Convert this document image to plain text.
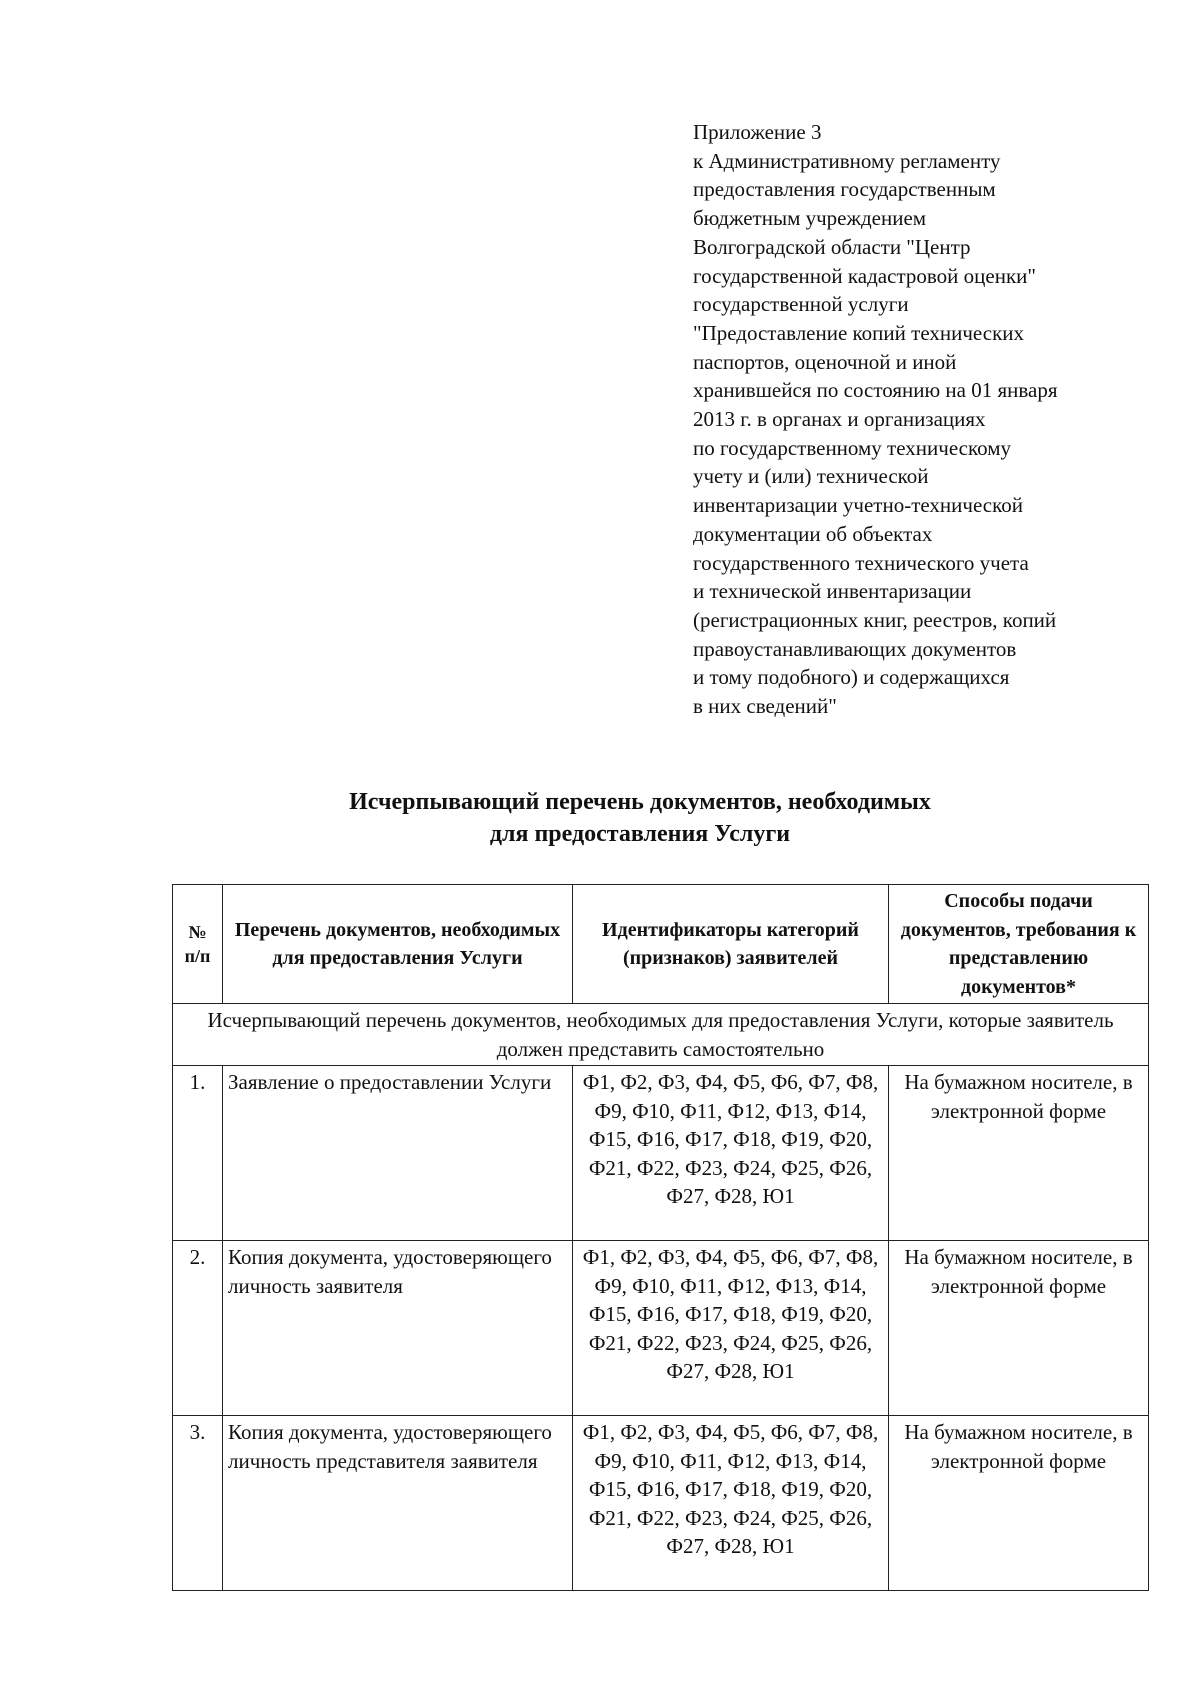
Приложение 3
к Административному регламенту
предоставления государственным
бюджетным учреждением
Волгоградской области "Центр
государственной кадастровой оценки"
государственной услуги
"Предоставление копий технических
паспортов, оценочной и иной
хранившейся по состоянию на 01 января
2013 г. в органах и организациях
по государственному техническому
учету и (или) технической
инвентаризации учетно-технической
документации об объектах
государственного технического учета
и технической инвентаризации
(регистрационных книг, реестров, копий
правоустанавливающих документов
и тому подобного) и содержащихся
в них сведений"
Исчерпывающий перечень документов, необходимых
для предоставления Услуги
№
п/п	Перечень документов, необходимых для предоставления Услуги	Идентификаторы категорий (признаков) заявителей	Способы подачи документов, требования к представлению документов*
Исчерпывающий перечень документов, необходимых для предоставления Услуги, которые заявитель должен представить самостоятельно			
1.	Заявление о предоставлении Услуги	Ф1, Ф2, Ф3, Ф4, Ф5, Ф6, Ф7, Ф8, Ф9, Ф10, Ф11, Ф12, Ф13, Ф14, Ф15, Ф16, Ф17, Ф18, Ф19, Ф20, Ф21, Ф22, Ф23, Ф24, Ф25, Ф26, Ф27, Ф28, Ю1	На бумажном носителе, в электронной форме
2.	Копия документа, удостоверяющего личность заявителя	Ф1, Ф2, Ф3, Ф4, Ф5, Ф6, Ф7, Ф8, Ф9, Ф10, Ф11, Ф12, Ф13, Ф14, Ф15, Ф16, Ф17, Ф18, Ф19, Ф20, Ф21, Ф22, Ф23, Ф24, Ф25, Ф26, Ф27, Ф28, Ю1	На бумажном носителе, в электронной форме
3.	Копия документа, удостоверяющего личность представителя заявителя	Ф1, Ф2, Ф3, Ф4, Ф5, Ф6, Ф7, Ф8, Ф9, Ф10, Ф11, Ф12, Ф13, Ф14, Ф15, Ф16, Ф17, Ф18, Ф19, Ф20, Ф21, Ф22, Ф23, Ф24, Ф25, Ф26, Ф27, Ф28, Ю1	На бумажном носителе, в электронной форме
